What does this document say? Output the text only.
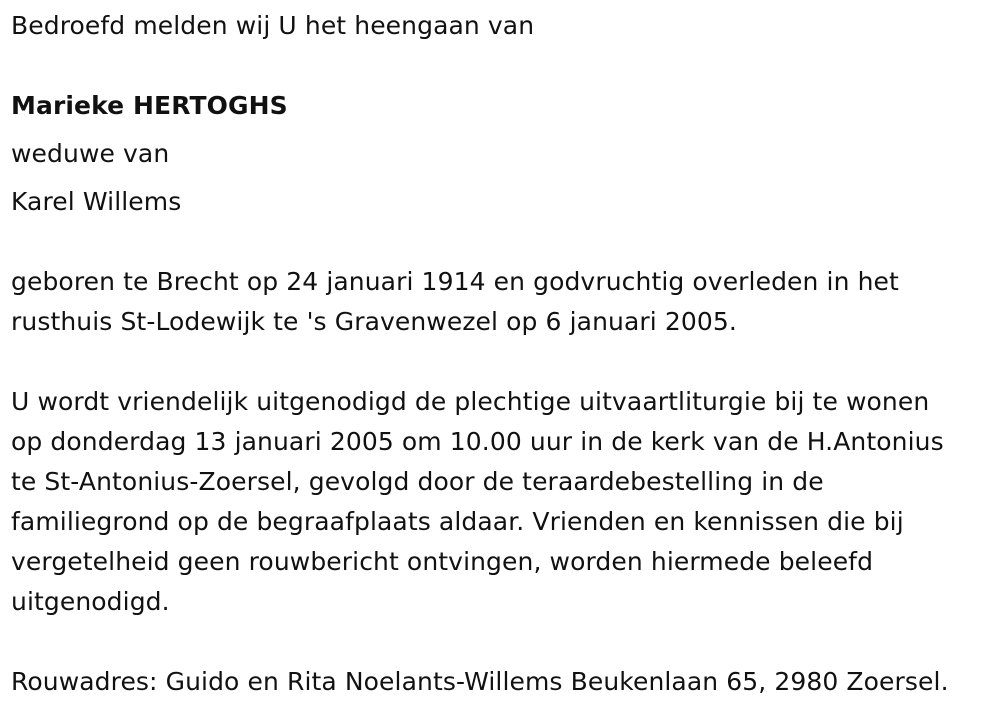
Bedroefd melden wij U het heengaan van
Marieke HERTOGHS
weduwe van
Karel Willems
geboren te Brecht op 24 januari 1914 en godvruchtig overleden in het
rusthuis St-Lodewijk te 's Gravenwezel op 6 januari 2005.
U wordt vriendelijk uitgenodigd de plechtige uitvaartliturgie bij te wonen
op donderdag 13 januari 2005 om 10.00 uur in de kerk van de H.Antonius
te St-Antonius-Zoersel, gevolgd door de teraardebestelling in de
familiegrond op de begraafplaats aldaar. Vrienden en kennissen die bij
vergetelheid geen rouwbericht ontvingen, worden hiermede beleefd
uitgenodigd.
Rouwadres: Guido en Rita Noelants-Willems Beukenlaan 65, 2980 Zoersel.
